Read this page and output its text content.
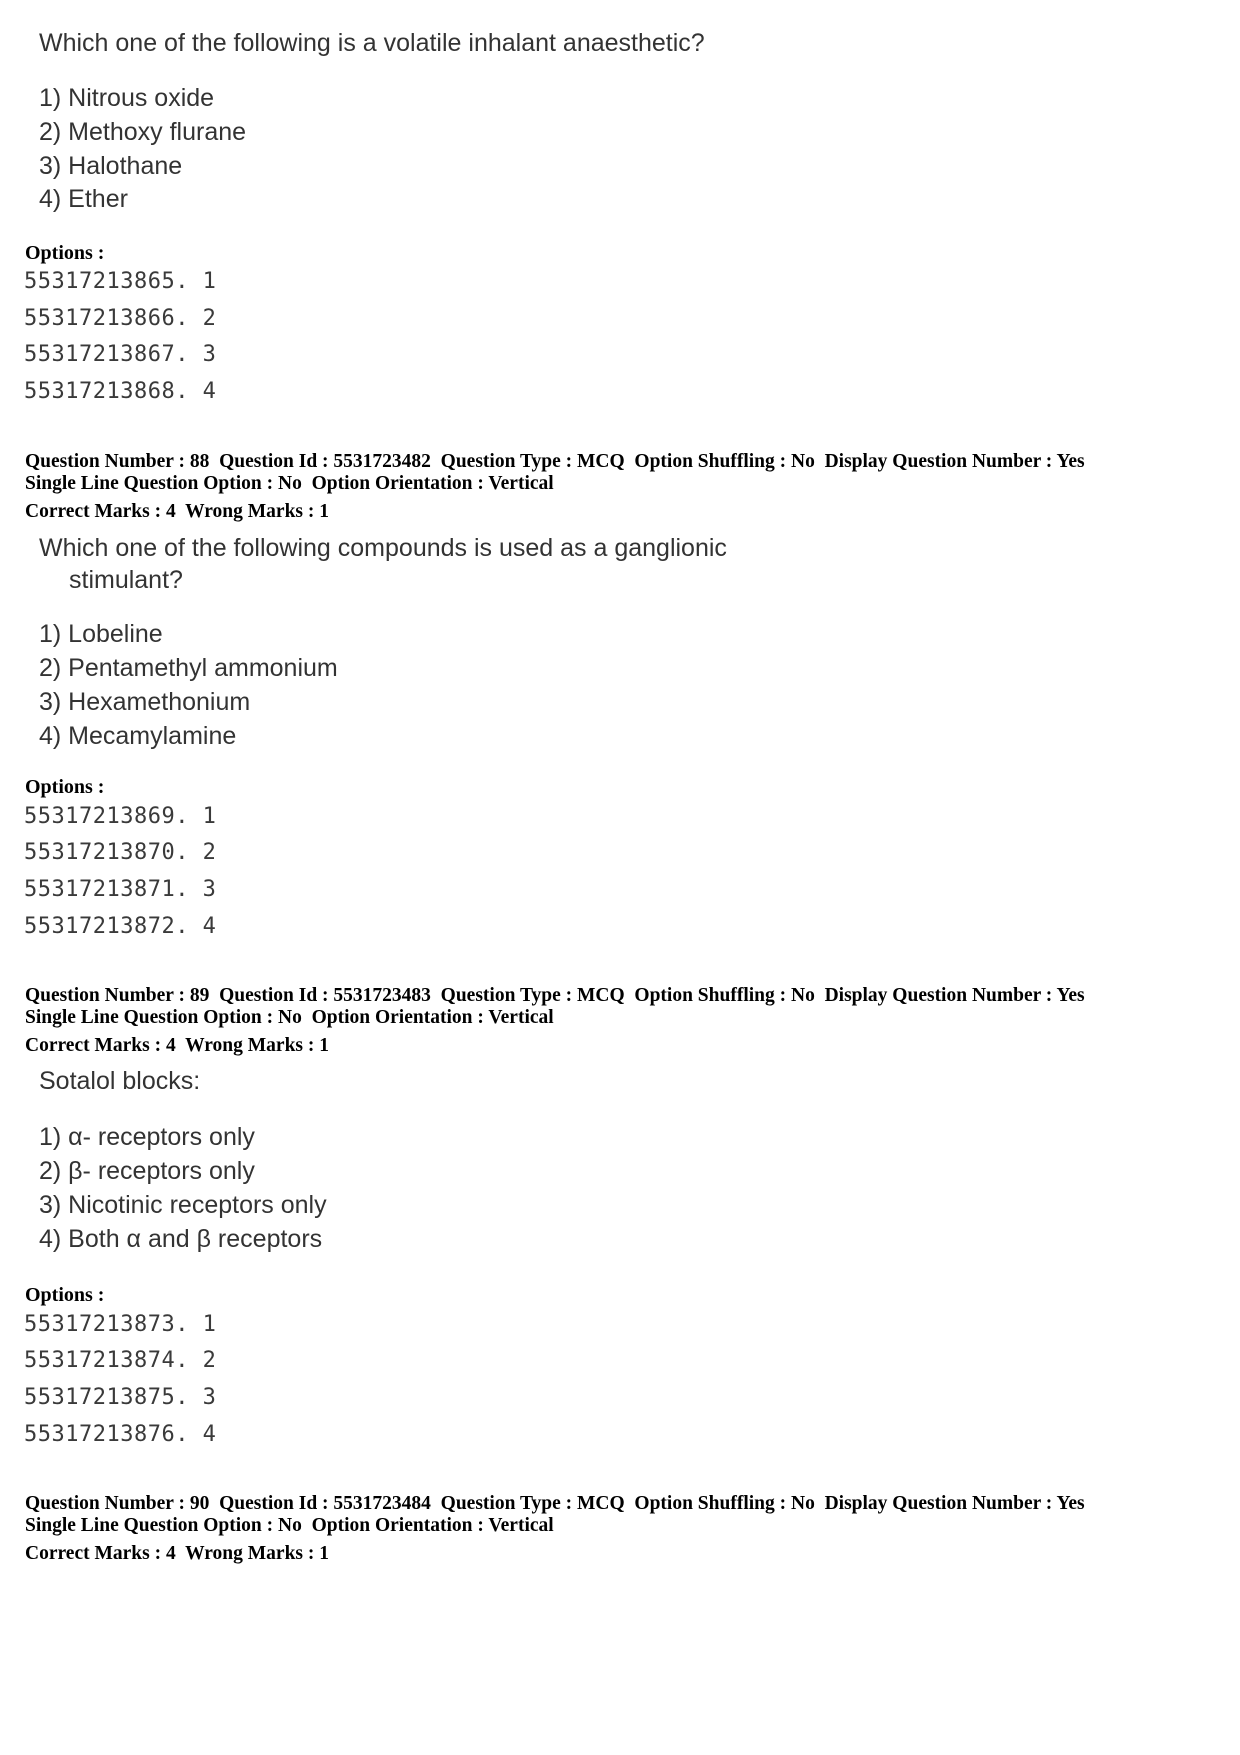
Which one of the following is a volatile inhalant anaesthetic?
1) Nitrous oxide
2) Methoxy flurane
3) Halothane
4) Ether
Options :
55317213865. 1
55317213866. 2
55317213867. 3
55317213868. 4
Question Number : 88  Question Id : 5531723482  Question Type : MCQ  Option Shuffling : No  Display Question Number : Yes
Single Line Question Option : No  Option Orientation : Vertical
Correct Marks : 4  Wrong Marks : 1
Which one of the following compounds is used as a ganglionic
stimulant?
1) Lobeline
2) Pentamethyl ammonium
3) Hexamethonium
4) Mecamylamine
Options :
55317213869. 1
55317213870. 2
55317213871. 3
55317213872. 4
Question Number : 89  Question Id : 5531723483  Question Type : MCQ  Option Shuffling : No  Display Question Number : Yes
Single Line Question Option : No  Option Orientation : Vertical
Correct Marks : 4  Wrong Marks : 1
Sotalol blocks:
1) α- receptors only
2) β- receptors only
3) Nicotinic receptors only
4) Both α and β receptors
Options :
55317213873. 1
55317213874. 2
55317213875. 3
55317213876. 4
Question Number : 90  Question Id : 5531723484  Question Type : MCQ  Option Shuffling : No  Display Question Number : Yes
Single Line Question Option : No  Option Orientation : Vertical
Correct Marks : 4  Wrong Marks : 1
